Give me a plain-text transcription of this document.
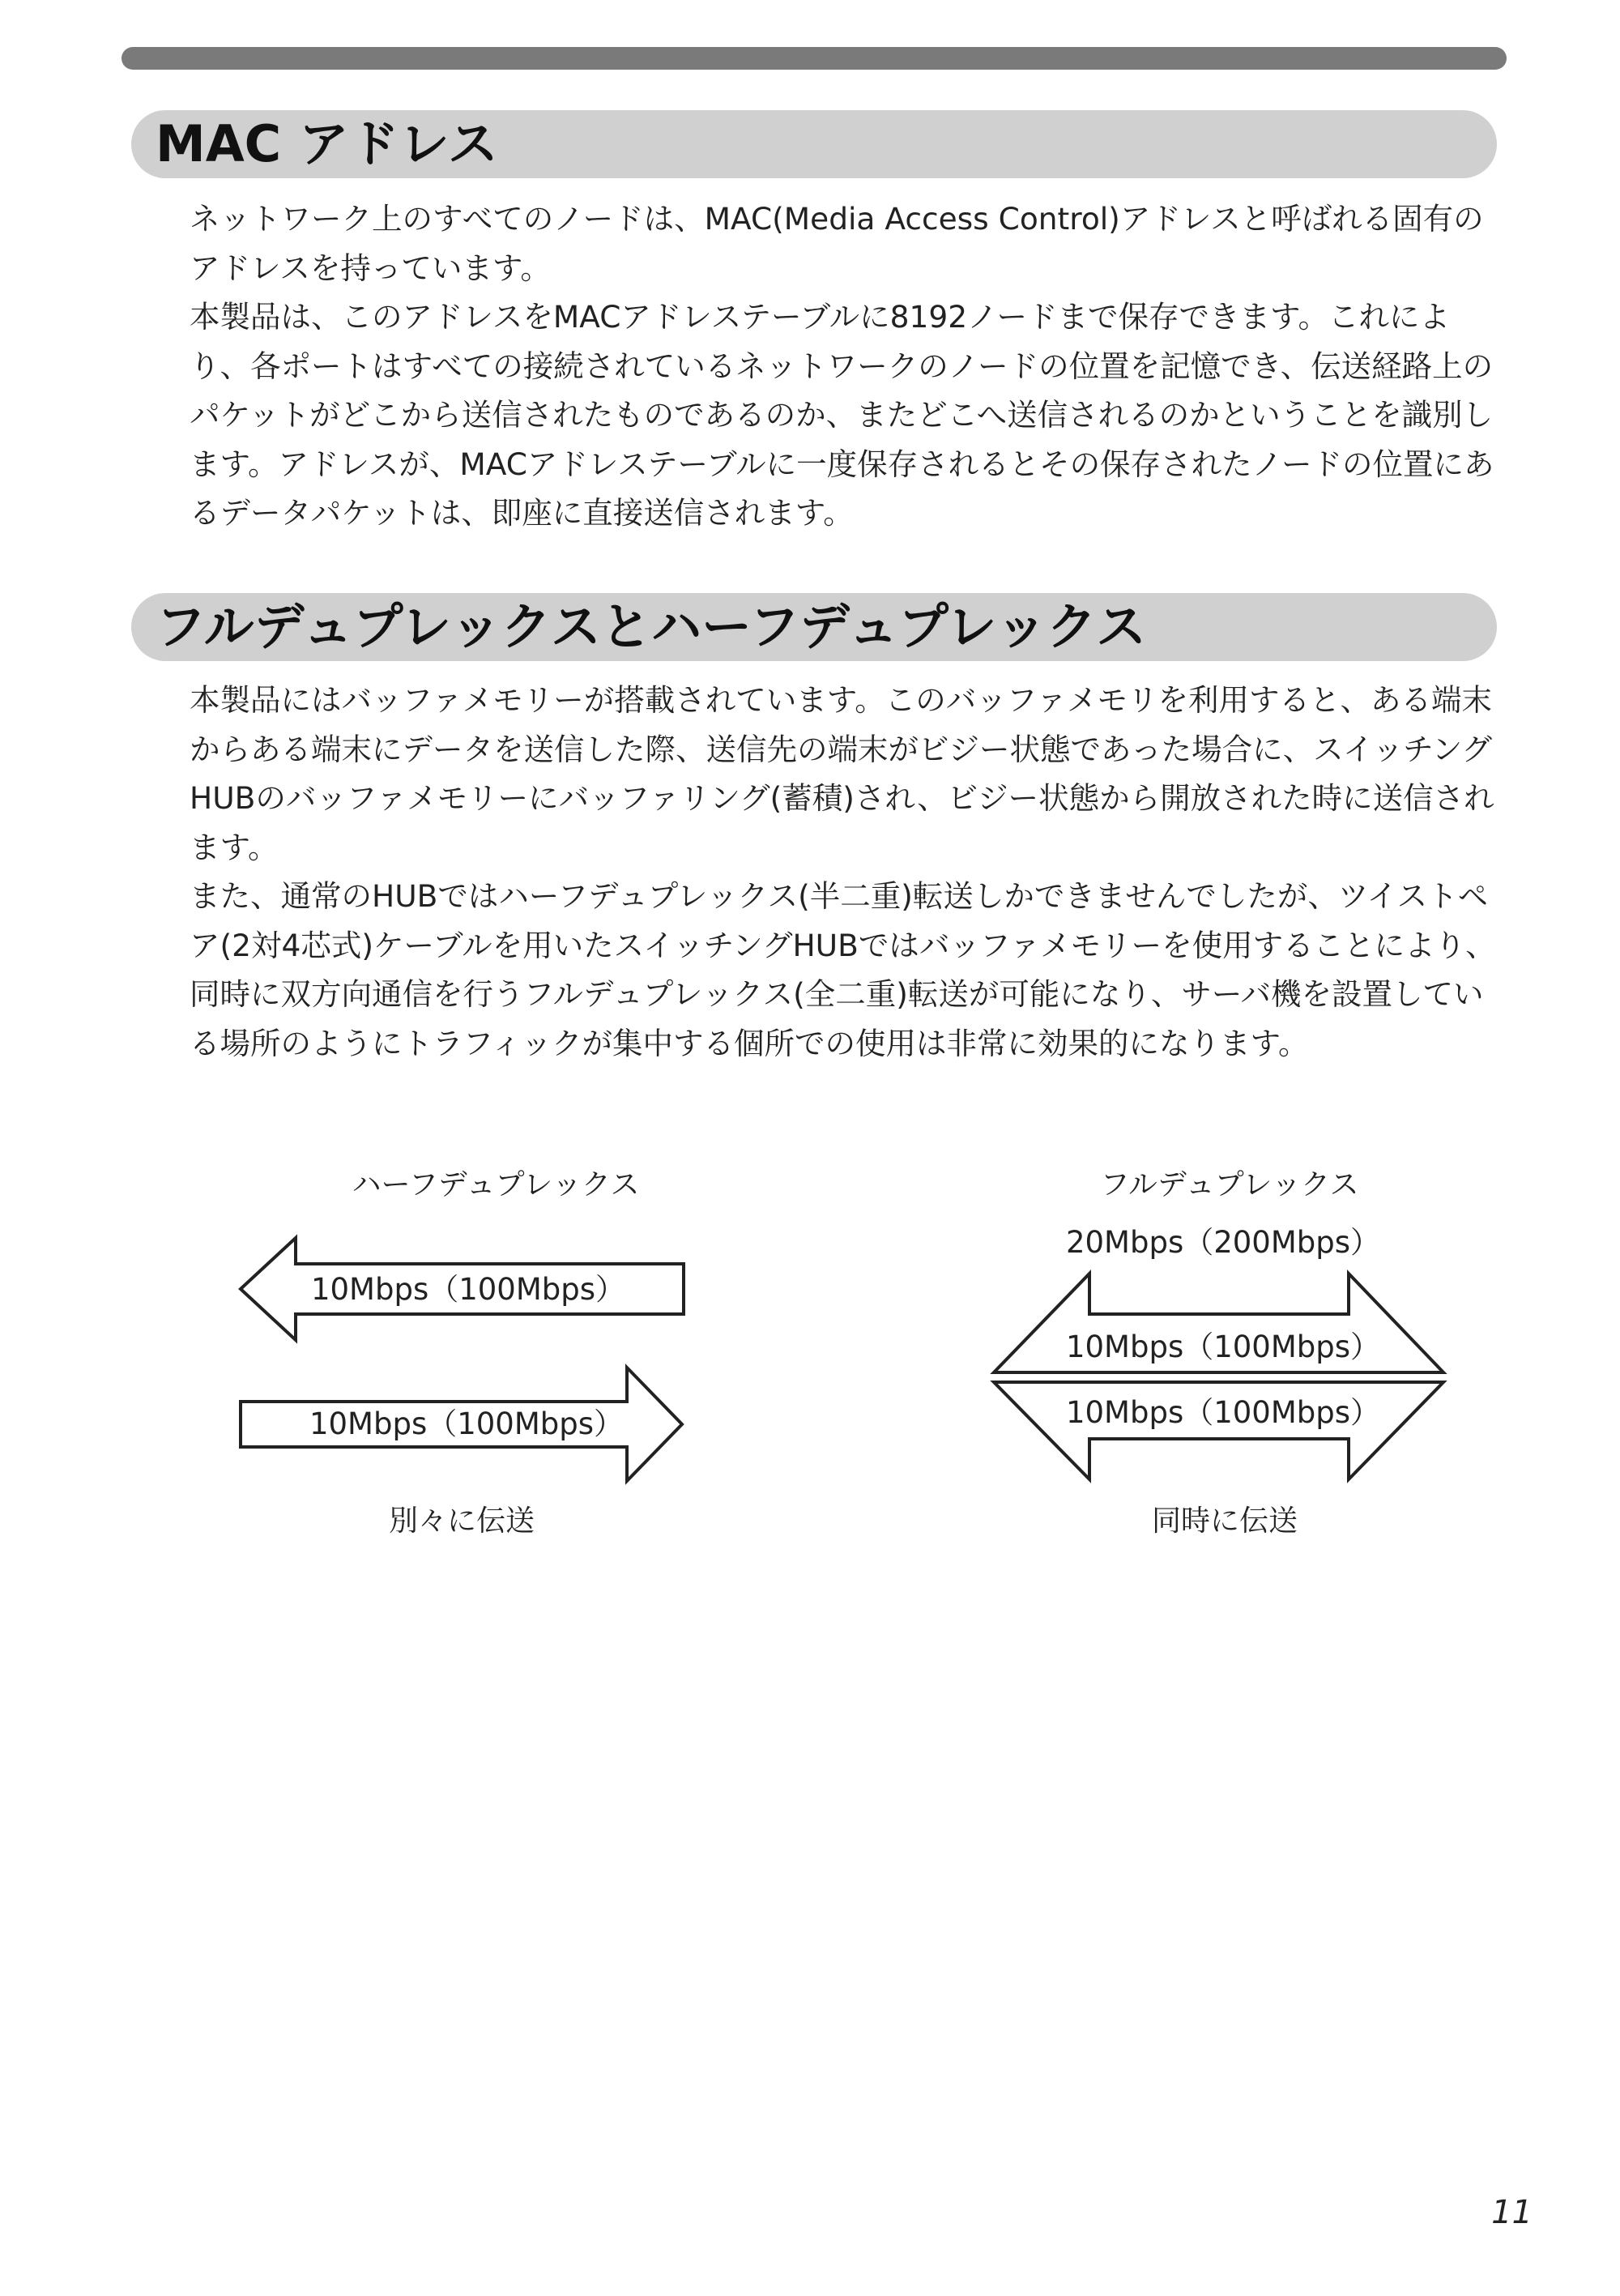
MAC アドレス

ネットワーク上のすべてのノードは、MAC(Media Access Control)アドレスと呼ばれる固有のアドレスを持っています。

本製品は、このアドレスをMACアドレステーブルに8192ノードまで保存できます。これにより、各ポートはすべての接続されているネットワークのノードの位置を記憶でき、伝送経路上のパケットがどこから送信されたものであるのか、またどこへ送信されるのかということを識別します。アドレスが、MACアドレステーブルに一度保存されるとその保存されたノードの位置にあるデータパケットは、即座に直接送信されます。

フルデュプレックスとハーフデュプレックス

本製品にはバッファメモリーが搭載されています。このバッファメモリを利用すると、ある端末からある端末にデータを送信した際、送信先の端末がビジー状態であった場合に、スイッチングHUBのバッファメモリーにバッファリング(蓄積)され、ビジー状態から開放された時に送信されます。

また、通常のHUBではハーフデュプレックス(半二重)転送しかできませんでしたが、ツイストペア(2対4芯式)ケーブルを用いたスイッチングHUBではバッファメモリーを使用することにより、同時に双方向通信を行うフルデュプレックス(全二重)転送が可能になり、サーバ機を設置している場所のようにトラフィックが集中する個所での使用は非常に効果的になります。

ハーフデュプレックス
10Mbps（100Mbps）
10Mbps（100Mbps）
別々に伝送
フルデュプレックス
20Mbps（200Mbps）
10Mbps（100Mbps）
10Mbps（100Mbps）
同時に伝送

11
